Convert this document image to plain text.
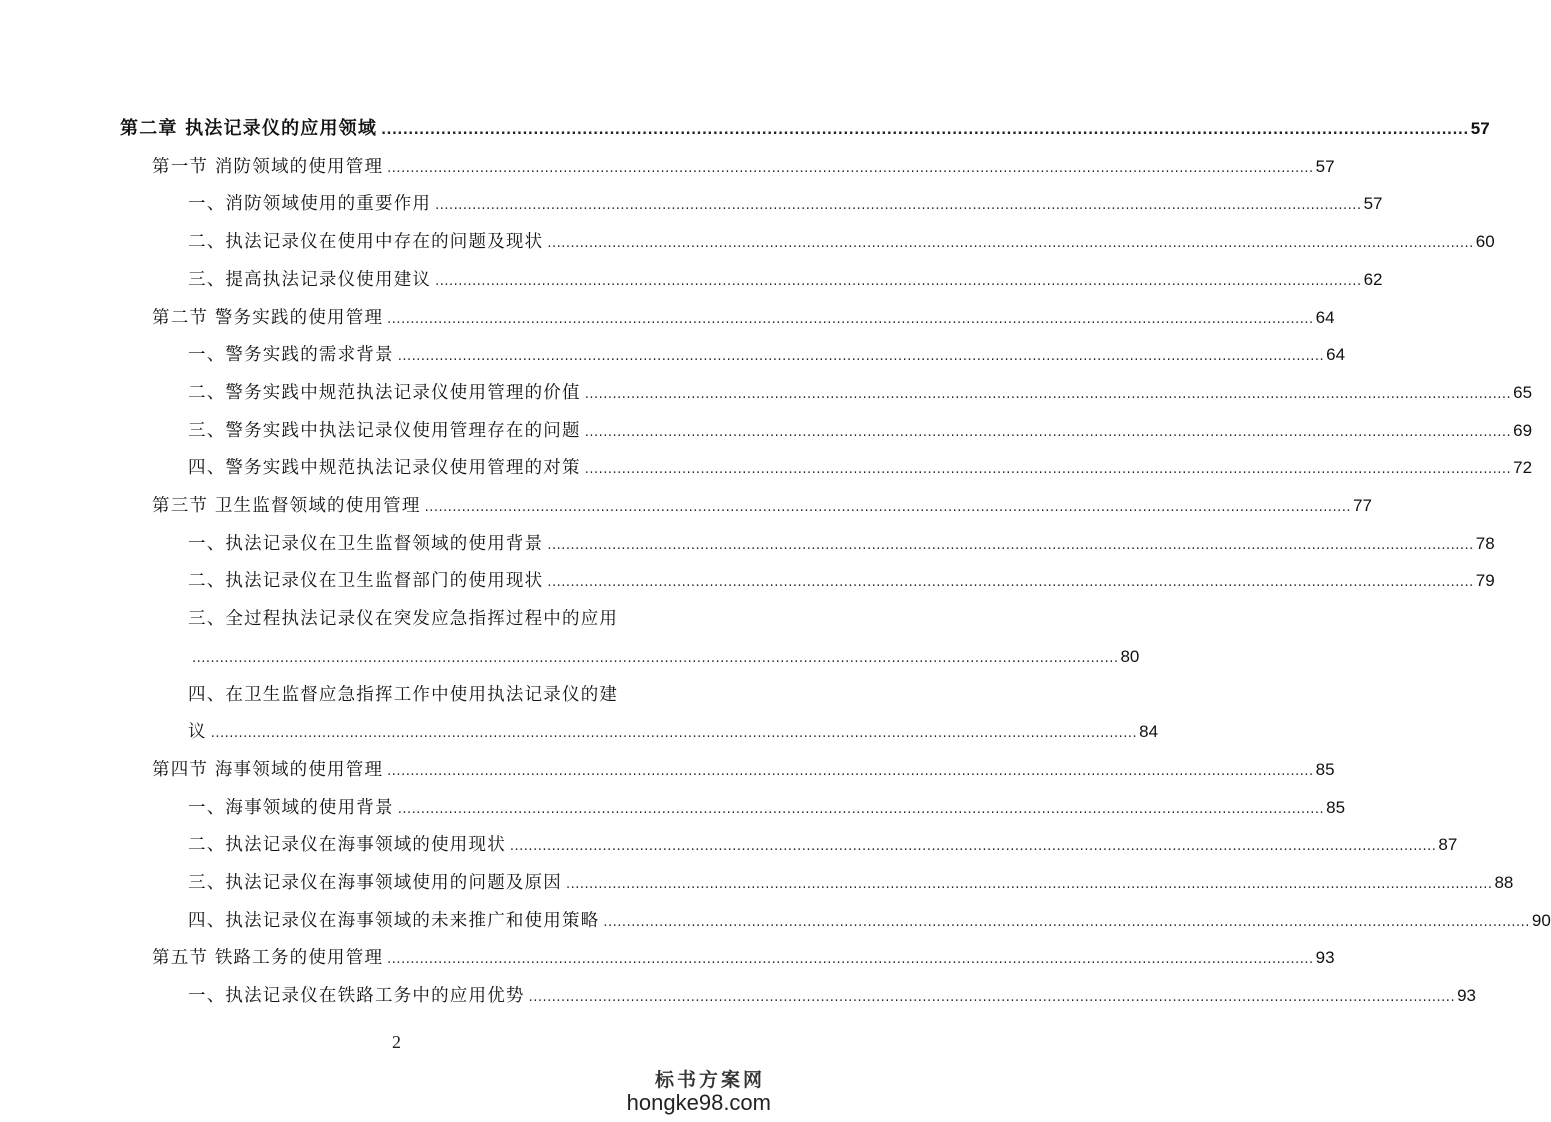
第二章 执法记录仪的应用领域 ........................................................................................................................................................................................................ 57
第一节 消防领域的使用管理 ........................................................................................................................................................................................................ 57
一、消防领域使用的重要作用 ........................................................................................................................................................................................................ 57
二、执法记录仪在使用中存在的问题及现状 ........................................................................................................................................................................................................ 60
三、提高执法记录仪使用建议 ........................................................................................................................................................................................................ 62
第二节 警务实践的使用管理 ........................................................................................................................................................................................................ 64
一、警务实践的需求背景 ........................................................................................................................................................................................................ 64
二、警务实践中规范执法记录仪使用管理的价值 ........................................................................................................................................................................................................ 65
三、警务实践中执法记录仪使用管理存在的问题 ........................................................................................................................................................................................................ 69
四、警务实践中规范执法记录仪使用管理的对策 ........................................................................................................................................................................................................ 72
第三节 卫生监督领域的使用管理 ........................................................................................................................................................................................................ 77
一、执法记录仪在卫生监督领域的使用背景 ........................................................................................................................................................................................................ 78
二、执法记录仪在卫生监督部门的使用现状 ........................................................................................................................................................................................................ 79
三、全过程执法记录仪在突发应急指挥过程中的应用
........................................................................................................................................................................................................ 80
四、在卫生监督应急指挥工作中使用执法记录仪的建
议 ........................................................................................................................................................................................................ 84
第四节 海事领域的使用管理 ........................................................................................................................................................................................................ 85
一、海事领域的使用背景 ........................................................................................................................................................................................................ 85
二、执法记录仪在海事领域的使用现状 ........................................................................................................................................................................................................ 87
三、执法记录仪在海事领域使用的问题及原因 ........................................................................................................................................................................................................ 88
四、执法记录仪在海事领域的未来推广和使用策略 ........................................................................................................................................................................................................ 90
第五节 铁路工务的使用管理 ........................................................................................................................................................................................................ 93
一、执法记录仪在铁路工务中的应用优势 ........................................................................................................................................................................................................ 93
2
标书方案网
hongke98.com
